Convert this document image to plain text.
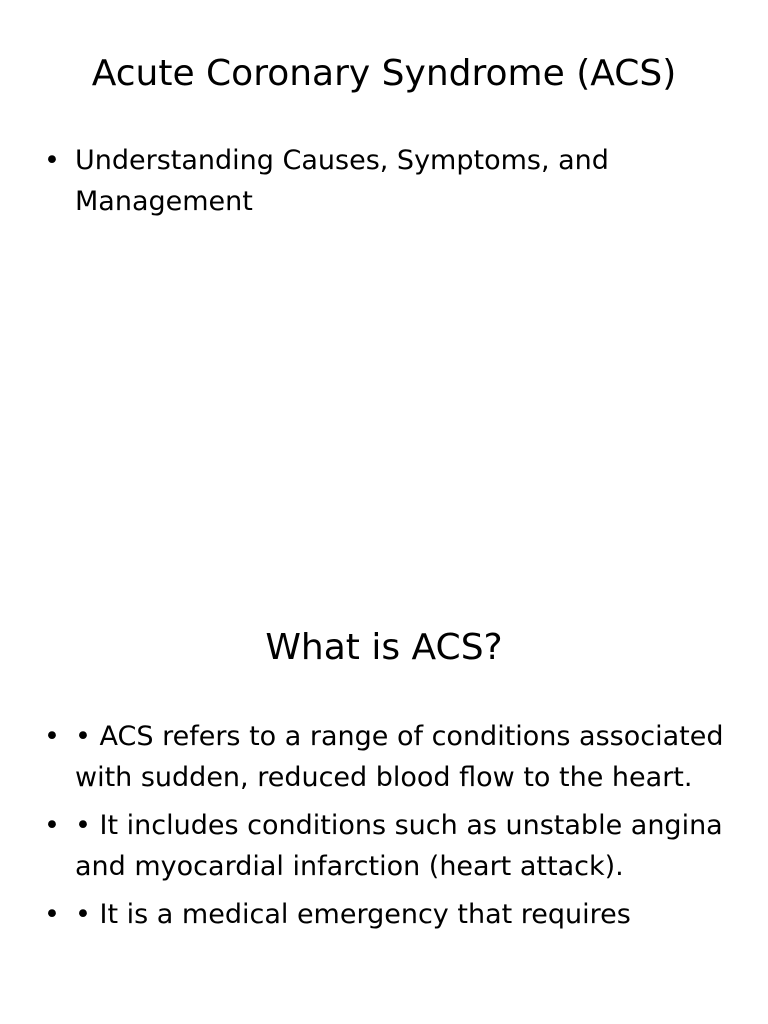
Acute Coronary Syndrome (ACS)
• Understanding Causes, Symptoms, and Management
What is ACS?
• • ACS refers to a range of conditions associated with sudden, reduced blood flow to the heart.
• • It includes conditions such as unstable angina and myocardial infarction (heart attack).
• • It is a medical emergency that requires
